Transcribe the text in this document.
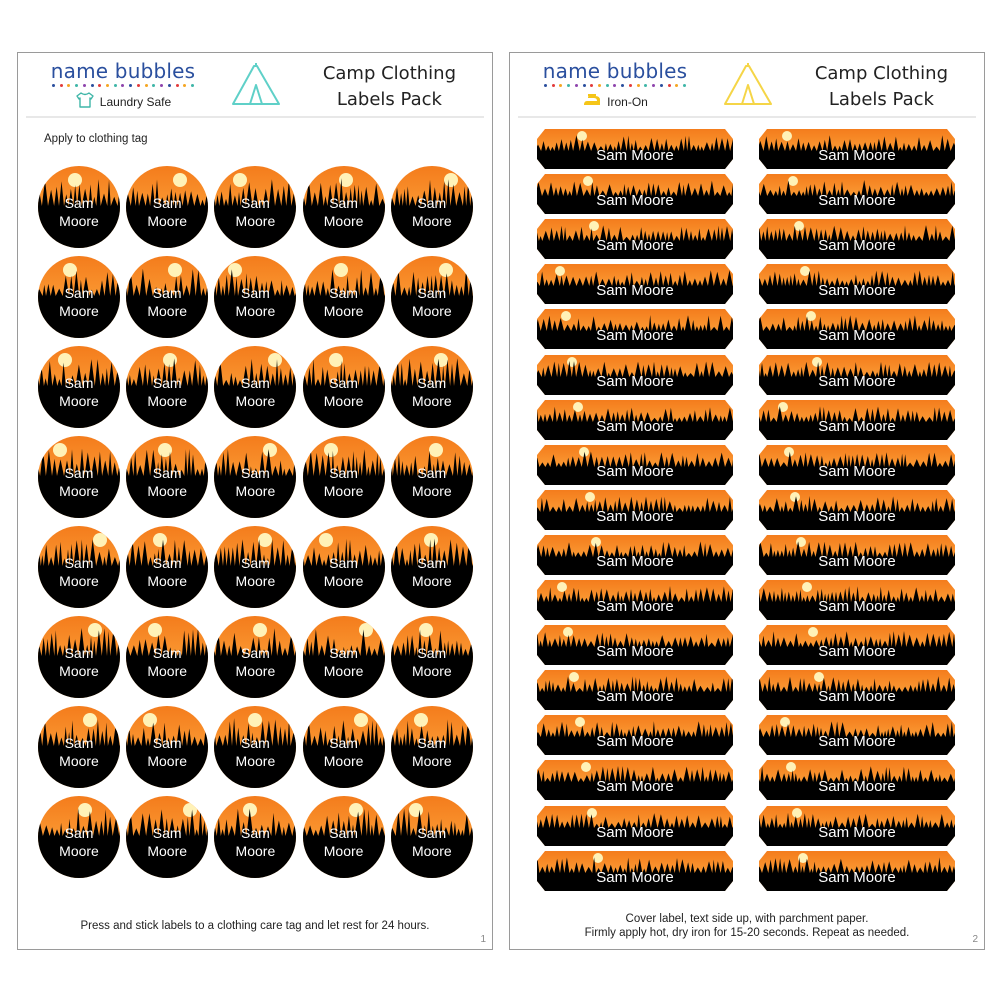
name bubbles
Laundry Safe
Camp Clothing
Labels Pack
Apply to clothing tag
Sam
Moore
Sam
Moore
Sam
Moore
Sam
Moore
Sam
Moore
Sam
Moore
Sam
Moore
Sam
Moore
Sam
Moore
Sam
Moore
Sam
Moore
Sam
Moore
Sam
Moore
Sam
Moore
Sam
Moore
Sam
Moore
Sam
Moore
Sam
Moore
Sam
Moore
Sam
Moore
Sam
Moore
Sam
Moore
Sam
Moore
Sam
Moore
Sam
Moore
Sam
Moore
Sam
Moore
Sam
Moore
Sam
Moore
Sam
Moore
Sam
Moore
Sam
Moore
Sam
Moore
Sam
Moore
Sam
Moore
Sam
Moore
Sam
Moore
Sam
Moore
Sam
Moore
Sam
Moore
Press and stick labels to a clothing care tag and let rest for 24 hours.
1
name bubbles
Iron-On
Camp Clothing
Labels Pack
Sam Moore	Sam Moore
Sam Moore	Sam Moore
Sam Moore	Sam Moore
Sam Moore	Sam Moore
Sam Moore	Sam Moore
Sam Moore	Sam Moore
Sam Moore	Sam Moore
Sam Moore	Sam Moore
Sam Moore	Sam Moore
Sam Moore	Sam Moore
Sam Moore	Sam Moore
Sam Moore	Sam Moore
Sam Moore	Sam Moore
Sam Moore	Sam Moore
Sam Moore	Sam Moore
Sam Moore	Sam Moore
Sam Moore	Sam Moore
Cover label, text side up, with parchment paper.
Firmly apply hot, dry iron for 15-20 seconds. Repeat as needed.
2
